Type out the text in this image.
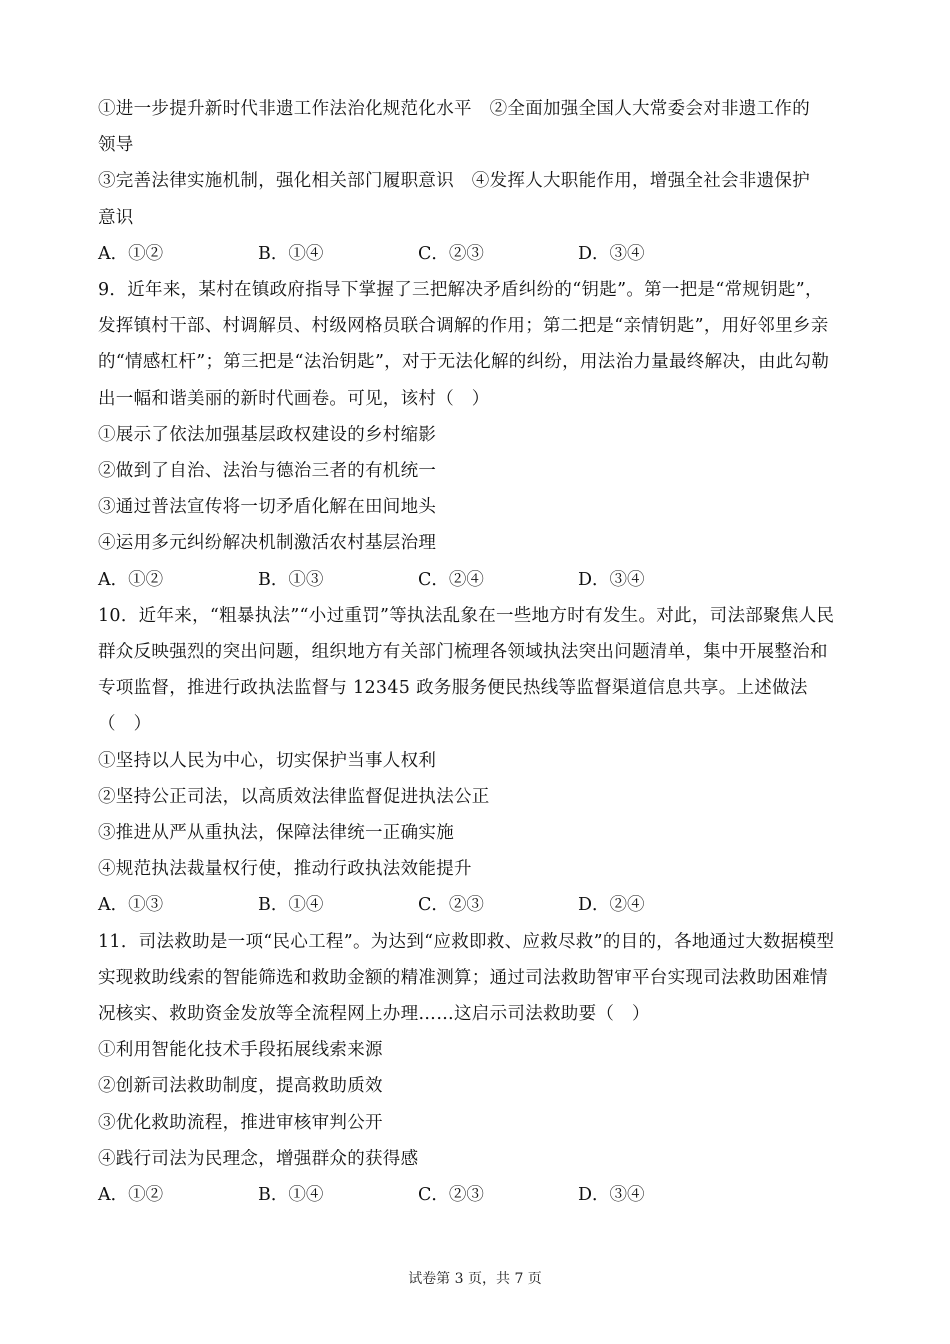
①进一步提升新时代非遗工作法治化规范化水平　②全面加强全国人大常委会对非遗工作的
领导
③完善法律实施机制，强化相关部门履职意识　④发挥人大职能作用，增强全社会非遗保护
意识
A．①②	B．①④	C．②③	D．③④
9．近年来，某村在镇政府指导下掌握了三把解决矛盾纠纷的“钥匙”。第一把是“常规钥匙”，
发挥镇村干部、村调解员、村级网格员联合调解的作用；第二把是“亲情钥匙”，用好邻里乡亲
的“情感杠杆”；第三把是“法治钥匙”，对于无法化解的纠纷，用法治力量最终解决，由此勾勒
出一幅和谐美丽的新时代画卷。可见，该村（　）
①展示了依法加强基层政权建设的乡村缩影
②做到了自治、法治与德治三者的有机统一
③通过普法宣传将一切矛盾化解在田间地头
④运用多元纠纷解决机制激活农村基层治理
A．①②	B．①③	C．②④	D．③④
10．近年来，“粗暴执法”“小过重罚”等执法乱象在一些地方时有发生。对此，司法部聚焦人民
群众反映强烈的突出问题，组织地方有关部门梳理各领域执法突出问题清单，集中开展整治和
专项监督，推进行政执法监督与 12345 政务服务便民热线等监督渠道信息共享。上述做法
（　）
①坚持以人民为中心，切实保护当事人权利
②坚持公正司法，以高质效法律监督促进执法公正
③推进从严从重执法，保障法律统一正确实施
④规范执法裁量权行使，推动行政执法效能提升
A．①③	B．①④	C．②③	D．②④
11．司法救助是一项“民心工程”。为达到“应救即救、应救尽救”的目的，各地通过大数据模型
实现救助线索的智能筛选和救助金额的精准测算；通过司法救助智审平台实现司法救助困难情
况核实、救助资金发放等全流程网上办理……这启示司法救助要（　）
①利用智能化技术手段拓展线索来源
②创新司法救助制度，提高救助质效
③优化救助流程，推进审核审判公开
④践行司法为民理念，增强群众的获得感
A．①②	B．①④	C．②③	D．③④
试卷第 3 页，共 7 页
